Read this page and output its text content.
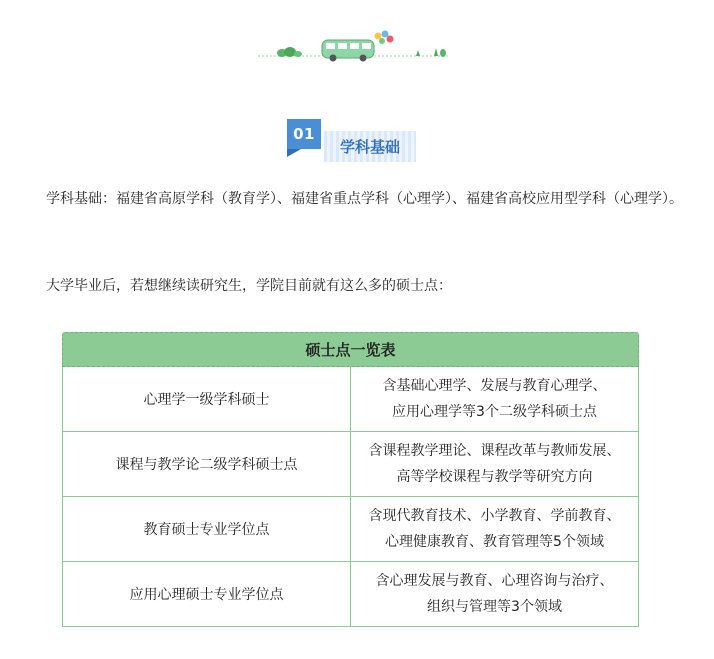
01
学科基础
学科基础：福建省高原学科（教育学）、福建省重点学科（心理学）、福建省高校应用型学科（心理学）。
大学毕业后，若想继续读研究生，学院目前就有这么多的硕士点：
硕士点一览表
心理学一级学科硕士
含基础心理学、发展与教育心理学、
应用心理学等3个二级学科硕士点
课程与教学论二级学科硕士点
含课程教学理论、课程改革与教师发展、
高等学校课程与教学等研究方向
教育硕士专业学位点
含现代教育技术、小学教育、学前教育、
心理健康教育、教育管理等5个领域
应用心理硕士专业学位点
含心理发展与教育、心理咨询与治疗、
组织与管理等3个领域
